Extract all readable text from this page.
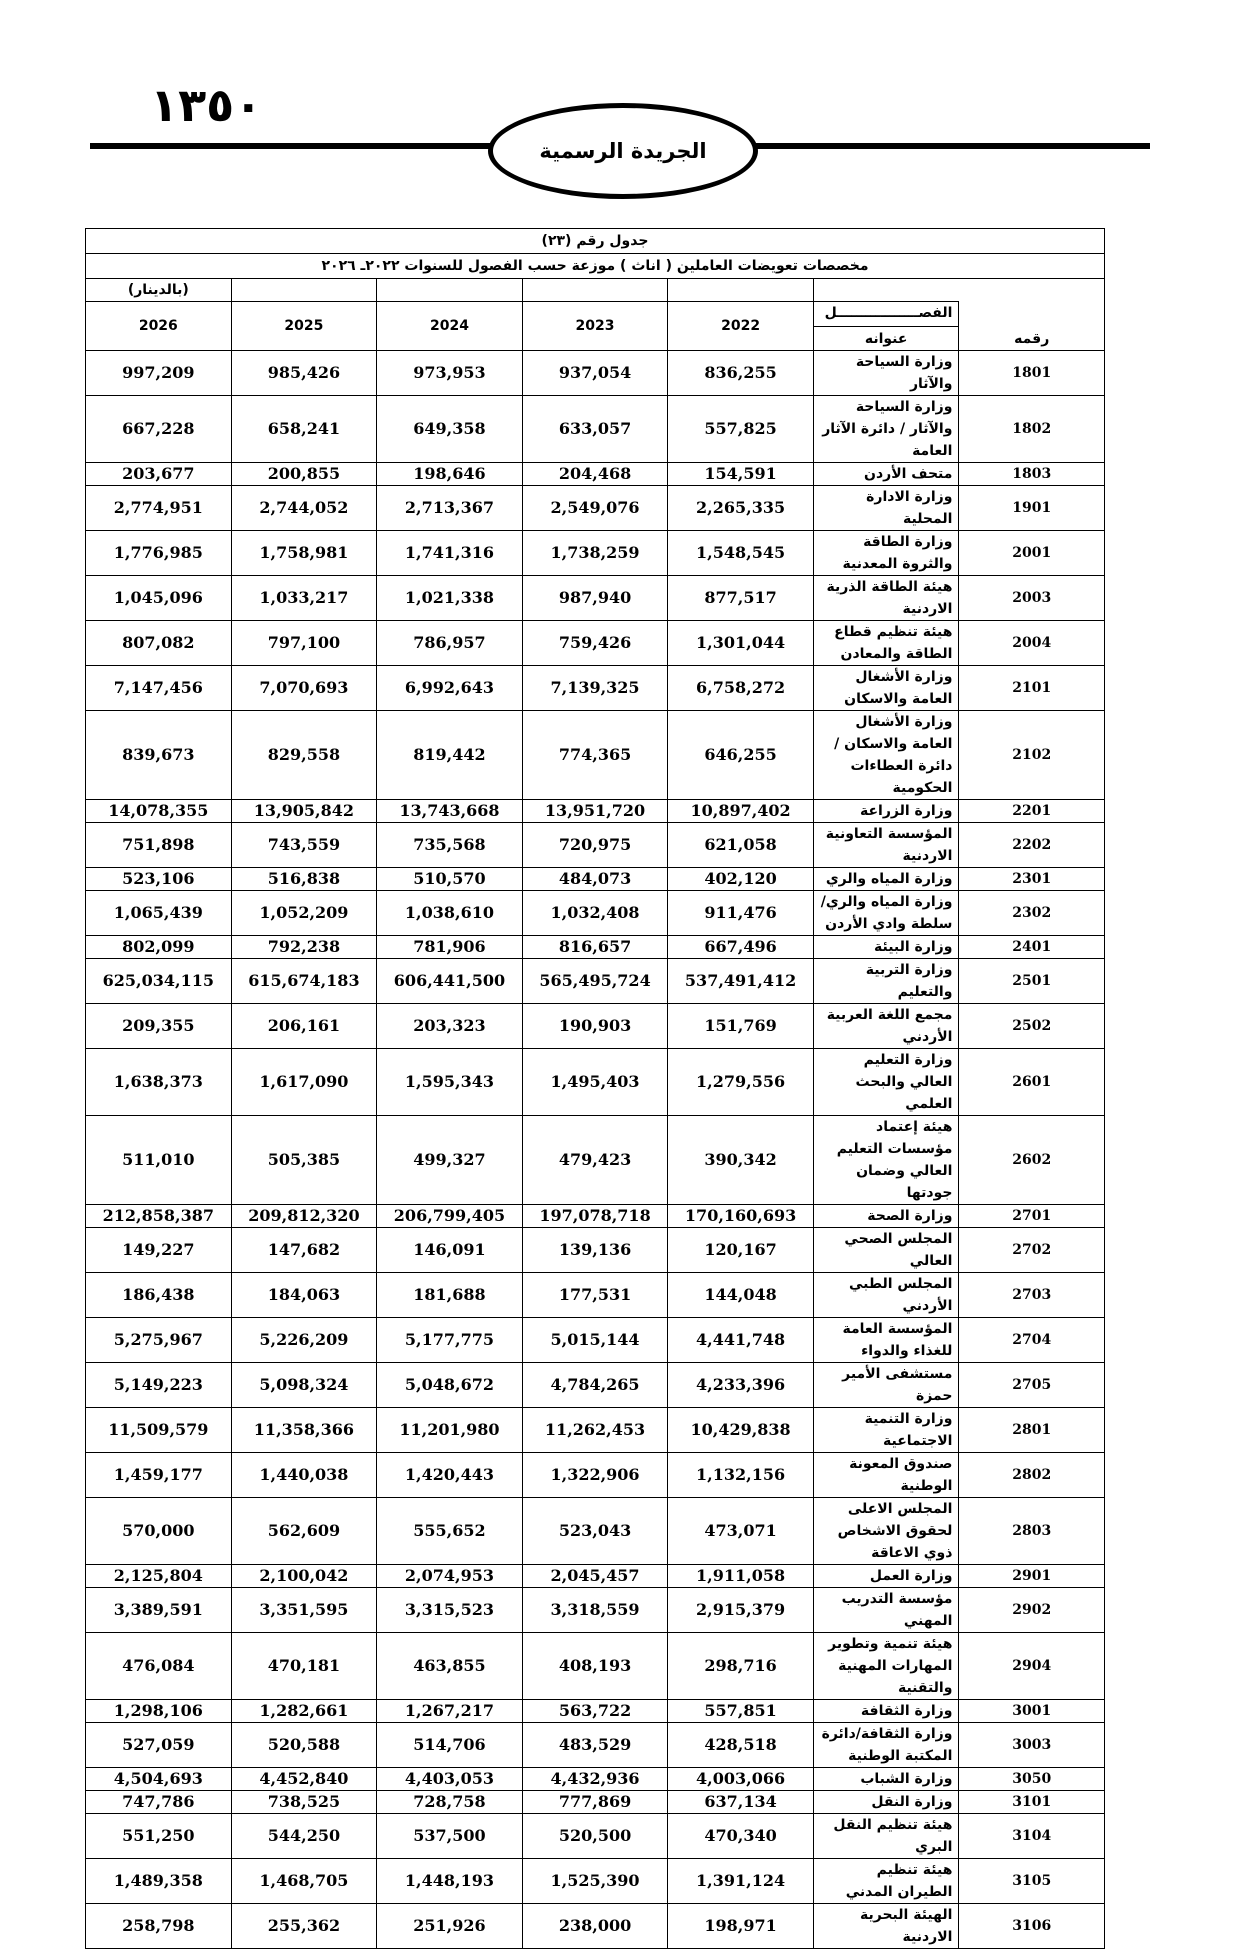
١٣٥٠
الجريدة الرسمية
جدول رقم (٢٣)						
مخصصات تعويضات العاملين ( اناث ) موزعة حسب الفصول للسنوات ٢٠٢٢ـ ٢٠٢٦						
						(بالدينار)
رقمه	الفصـــــــــــــــــل
عنوانه	2022	2023	2024	2025	2026
1801	وزارة السياحة والآثار	836,255	937,054	973,953	985,426	997,209
1802	وزارة السياحة والآثار / دائرة الآثار العامة	557,825	633,057	649,358	658,241	667,228
1803	متحف الأردن	154,591	204,468	198,646	200,855	203,677
1901	وزارة الادارة المحلية	2,265,335	2,549,076	2,713,367	2,744,052	2,774,951
2001	وزارة الطاقة والثروة المعدنية	1,548,545	1,738,259	1,741,316	1,758,981	1,776,985
2003	هيئة الطاقة الذرية الاردنية	877,517	987,940	1,021,338	1,033,217	1,045,096
2004	هيئة تنظيم قطاع الطاقة والمعادن	1,301,044	759,426	786,957	797,100	807,082
2101	وزارة الأشغال العامة والاسكان	6,758,272	7,139,325	6,992,643	7,070,693	7,147,456
2102	وزارة الأشغال العامة والاسكان / دائرة العطاءات الحكومية	646,255	774,365	819,442	829,558	839,673
2201	وزارة الزراعة	10,897,402	13,951,720	13,743,668	13,905,842	14,078,355
2202	المؤسسة التعاونية الاردنية	621,058	720,975	735,568	743,559	751,898
2301	وزارة المياه والري	402,120	484,073	510,570	516,838	523,106
2302	وزارة المياه والري/سلطة وادي الأردن	911,476	1,032,408	1,038,610	1,052,209	1,065,439
2401	وزارة البيئة	667,496	816,657	781,906	792,238	802,099
2501	وزارة التربية والتعليم	537,491,412	565,495,724	606,441,500	615,674,183	625,034,115
2502	مجمع اللغة العربية الأردني	151,769	190,903	203,323	206,161	209,355
2601	وزارة التعليم العالي والبحث العلمي	1,279,556	1,495,403	1,595,343	1,617,090	1,638,373
2602	هيئة إعتماد مؤسسات التعليم العالي وضمان جودتها	390,342	479,423	499,327	505,385	511,010
2701	وزارة الصحة	170,160,693	197,078,718	206,799,405	209,812,320	212,858,387
2702	المجلس الصحي العالي	120,167	139,136	146,091	147,682	149,227
2703	المجلس الطبي الأردني	144,048	177,531	181,688	184,063	186,438
2704	المؤسسة العامة للغذاء والدواء	4,441,748	5,015,144	5,177,775	5,226,209	5,275,967
2705	مستشفى الأمير حمزة	4,233,396	4,784,265	5,048,672	5,098,324	5,149,223
2801	وزارة التنمية الاجتماعية	10,429,838	11,262,453	11,201,980	11,358,366	11,509,579
2802	صندوق المعونة الوطنية	1,132,156	1,322,906	1,420,443	1,440,038	1,459,177
2803	المجلس الاعلى لحقوق الاشخاص ذوي الاعاقة	473,071	523,043	555,652	562,609	570,000
2901	وزارة العمل	1,911,058	2,045,457	2,074,953	2,100,042	2,125,804
2902	مؤسسة التدريب المهني	2,915,379	3,318,559	3,315,523	3,351,595	3,389,591
2904	هيئة تنمية وتطوير المهارات المهنية والتقنية	298,716	408,193	463,855	470,181	476,084
3001	وزارة الثقافة	557,851	563,722	1,267,217	1,282,661	1,298,106
3003	وزارة الثقافة/دائرة المكتبة الوطنية	428,518	483,529	514,706	520,588	527,059
3050	وزارة الشباب	4,003,066	4,432,936	4,403,053	4,452,840	4,504,693
3101	وزارة النقل	637,134	777,869	728,758	738,525	747,786
3104	هيئة تنظيم النقل البري	470,340	520,500	537,500	544,250	551,250
3105	هيئة تنظيم الطيران المدني	1,391,124	1,525,390	1,448,193	1,468,705	1,489,358
3106	الهيئة البحرية الاردنية	198,971	238,000	251,926	255,362	258,798
